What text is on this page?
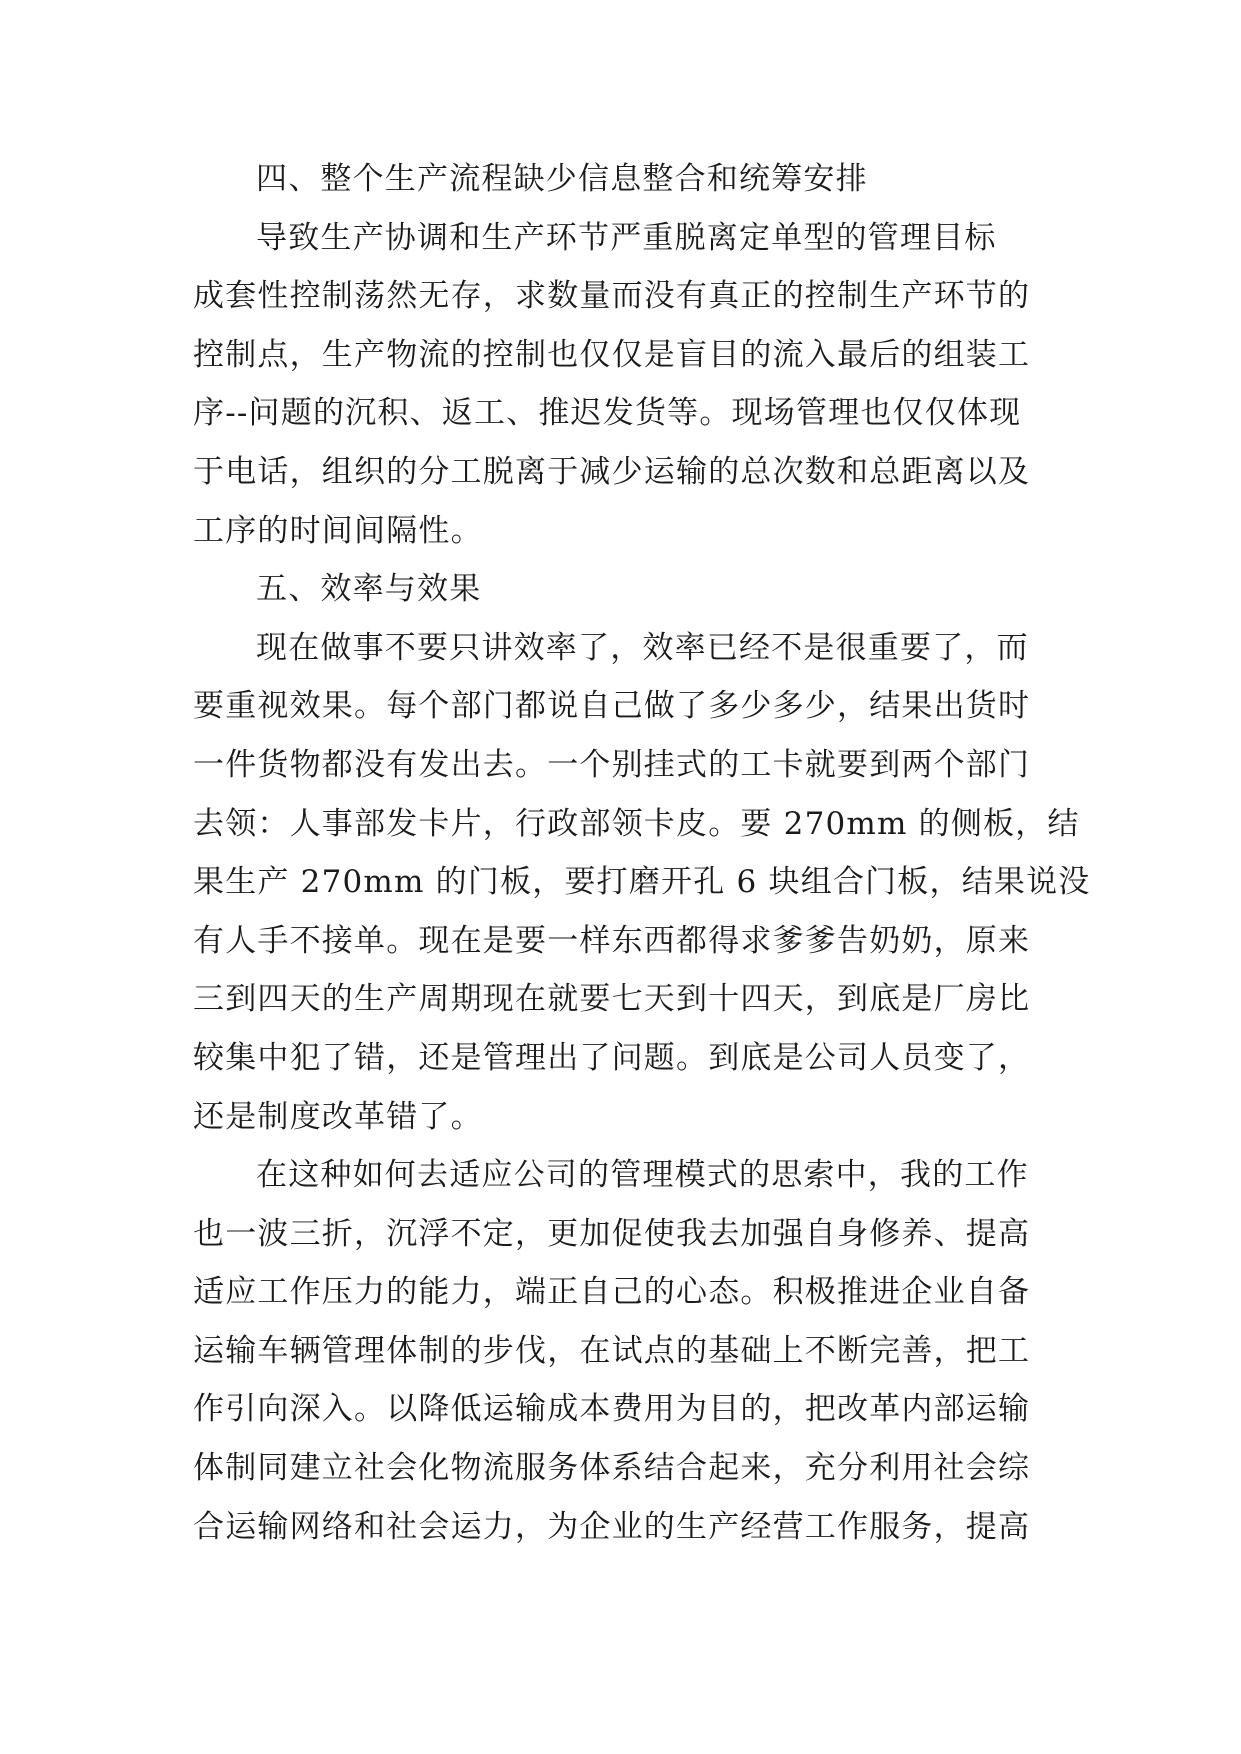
四、整个生产流程缺少信息整合和统筹安排
导致生产协调和生产环节严重脱离定单型的管理目标
成套性控制荡然无存，求数量而没有真正的控制生产环节的
控制点，生产物流的控制也仅仅是盲目的流入最后的组装工
序--问题的沉积、返工、推迟发货等。现场管理也仅仅体现
于电话，组织的分工脱离于减少运输的总次数和总距离以及
工序的时间间隔性。
五、效率与效果
现在做事不要只讲效率了，效率已经不是很重要了，而
要重视效果。每个部门都说自己做了多少多少，结果出货时
一件货物都没有发出去。一个别挂式的工卡就要到两个部门
去领：人事部发卡片，行政部领卡皮。要 270mm 的侧板，结
果生产 270mm 的门板，要打磨开孔 6 块组合门板，结果说没
有人手不接单。现在是要一样东西都得求爹爹告奶奶，原来
三到四天的生产周期现在就要七天到十四天，到底是厂房比
较集中犯了错，还是管理出了问题。到底是公司人员变了，
还是制度改革错了。
在这种如何去适应公司的管理模式的思索中，我的工作
也一波三折，沉浮不定，更加促使我去加强自身修养、提高
适应工作压力的能力，端正自己的心态。积极推进企业自备
运输车辆管理体制的步伐，在试点的基础上不断完善，把工
作引向深入。以降低运输成本费用为目的，把改革内部运输
体制同建立社会化物流服务体系结合起来，充分利用社会综
合运输网络和社会运力，为企业的生产经营工作服务，提高
